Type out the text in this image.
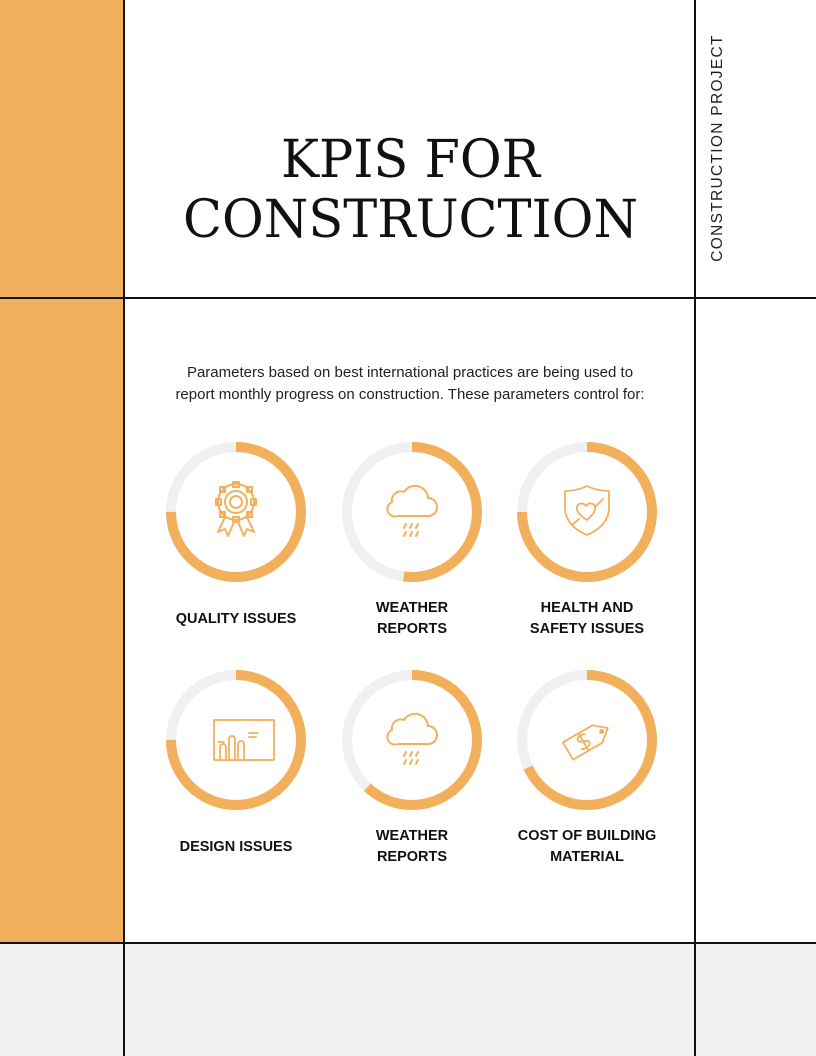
KPIS FOR
CONSTRUCTION	CONSTRUCTION PROJECT
Parameters based on best international practices are being used to
report monthly progress on construction. These parameters control for:
QUALITY ISSUES
WEATHER
REPORTS
HEALTH AND
SAFETY ISSUES
DESIGN ISSUES
WEATHER
REPORTS
COST OF BUILDING
MATERIAL
